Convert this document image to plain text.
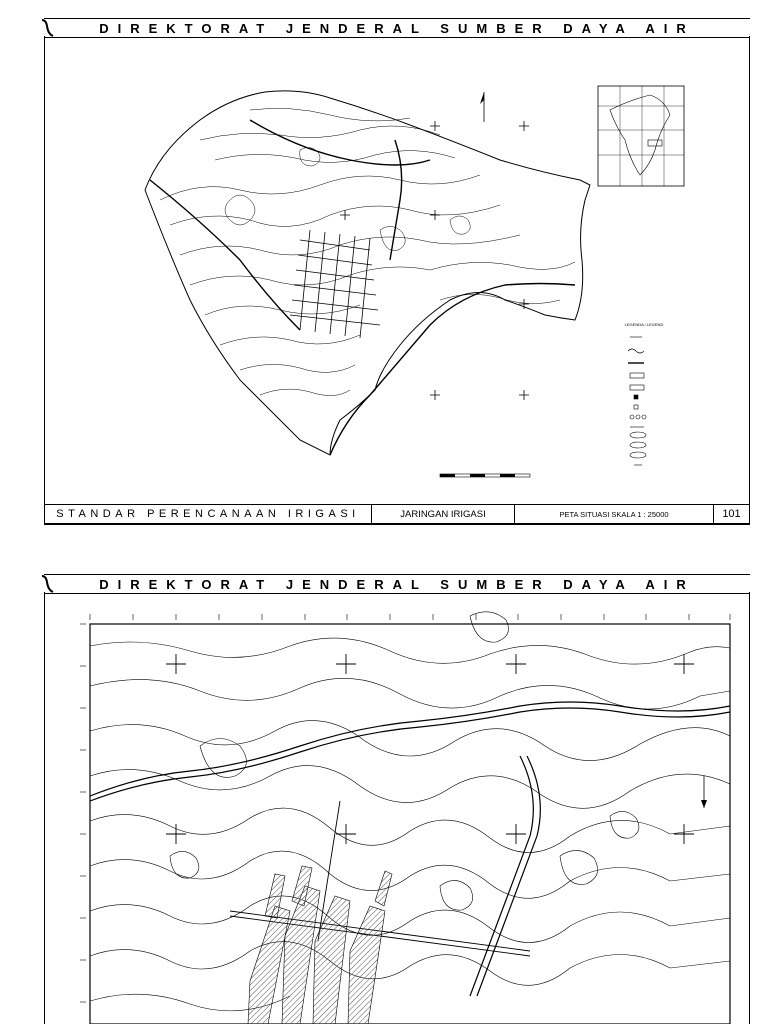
DIREKTORAT JENDERAL SUMBER DAYA AIR
LEGENDA / LEGEND
STANDAR PERENCANAAN IRIGASI	JARINGAN IRIGASI	PETA SITUASI SKALA 1 : 25000	101
DIREKTORAT JENDERAL SUMBER DAYA AIR
